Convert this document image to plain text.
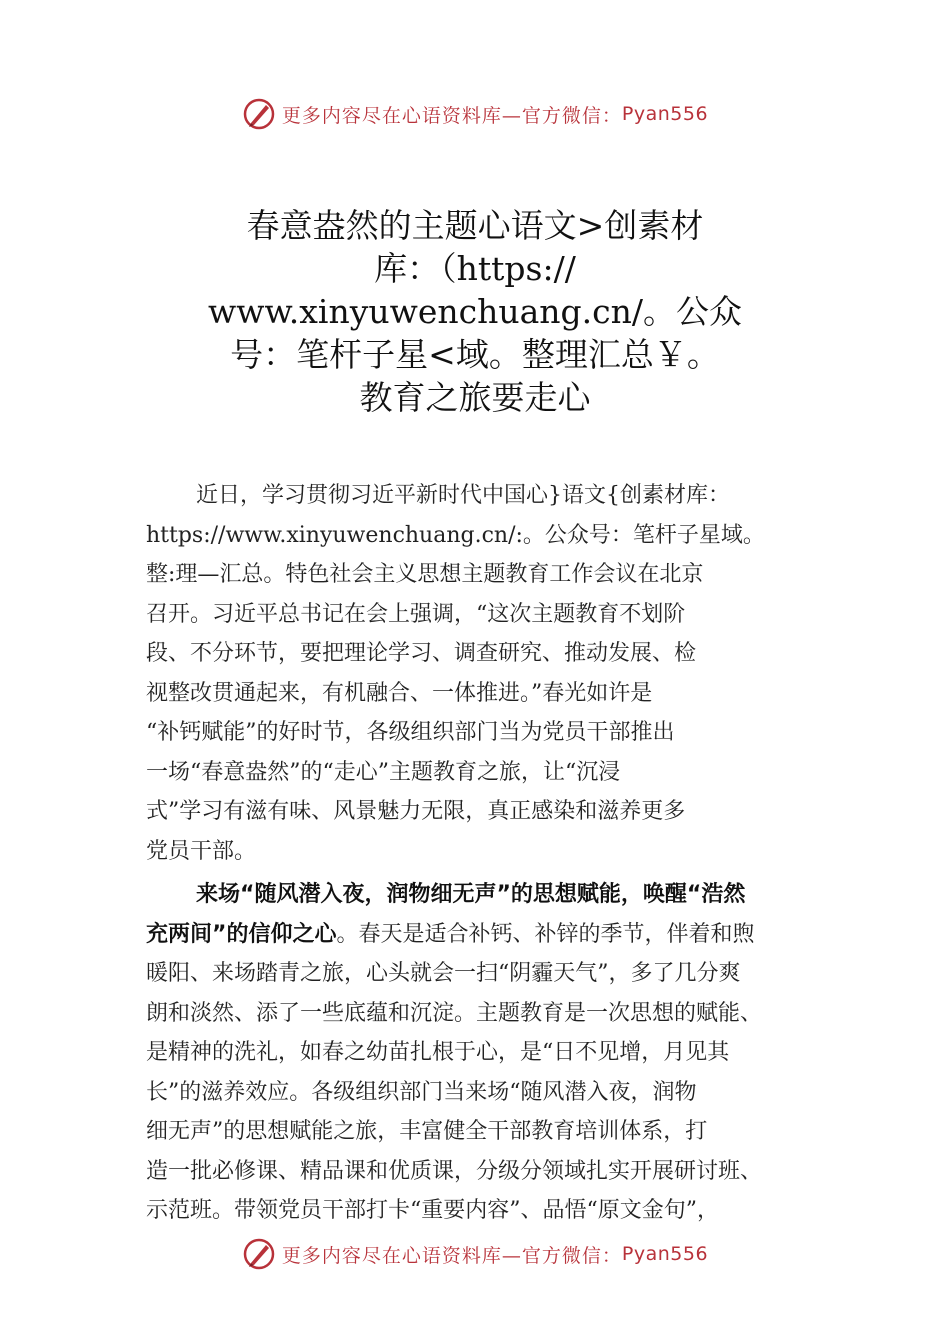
更多内容尽在心语资料库—官方微信： Pyan556
春意盎然的主题心语文>创素材
库：（https://
www.xinyuwenchuang.cn/。公众
号：笔杆子星<域。整理汇总￥。
教育之旅要走心
近日，学习贯彻习近平新时代中国心}语文{创素材库：
https://www.xinyuwenchuang.cn/:。公众号：笔杆子星域。
整:理—汇总。特色社会主义思想主题教育工作会议在北京
召开。习近平总书记在会上强调，“这次主题教育不划阶
段、不分环节，要把理论学习、调查研究、推动发展、检
视整改贯通起来，有机融合、一体推进。”春光如许是
“补钙赋能”的好时节，各级组织部门当为党员干部推出
一场“春意盎然”的“走心”主题教育之旅，让“沉浸
式”学习有滋有味、风景魅力无限，真正感染和滋养更多
党员干部。
来场“随风潜入夜，润物细无声”的思想赋能，唤醒“浩然
充两间”的信仰之心。春天是适合补钙、补锌的季节，伴着和煦
暖阳、来场踏青之旅，心头就会一扫“阴霾天气”，多了几分爽
朗和淡然、添了一些底蕴和沉淀。主题教育是一次思想的赋能、
是精神的洗礼，如春之幼苗扎根于心，是“日不见增，月见其
长”的滋养效应。各级组织部门当来场“随风潜入夜，润物
细无声”的思想赋能之旅，丰富健全干部教育培训体系，打
造一批必修课、精品课和优质课，分级分领域扎实开展研讨班、
示范班。带领党员干部打卡“重要内容”、品悟“原文金句”，
更多内容尽在心语资料库—官方微信： Pyan556
